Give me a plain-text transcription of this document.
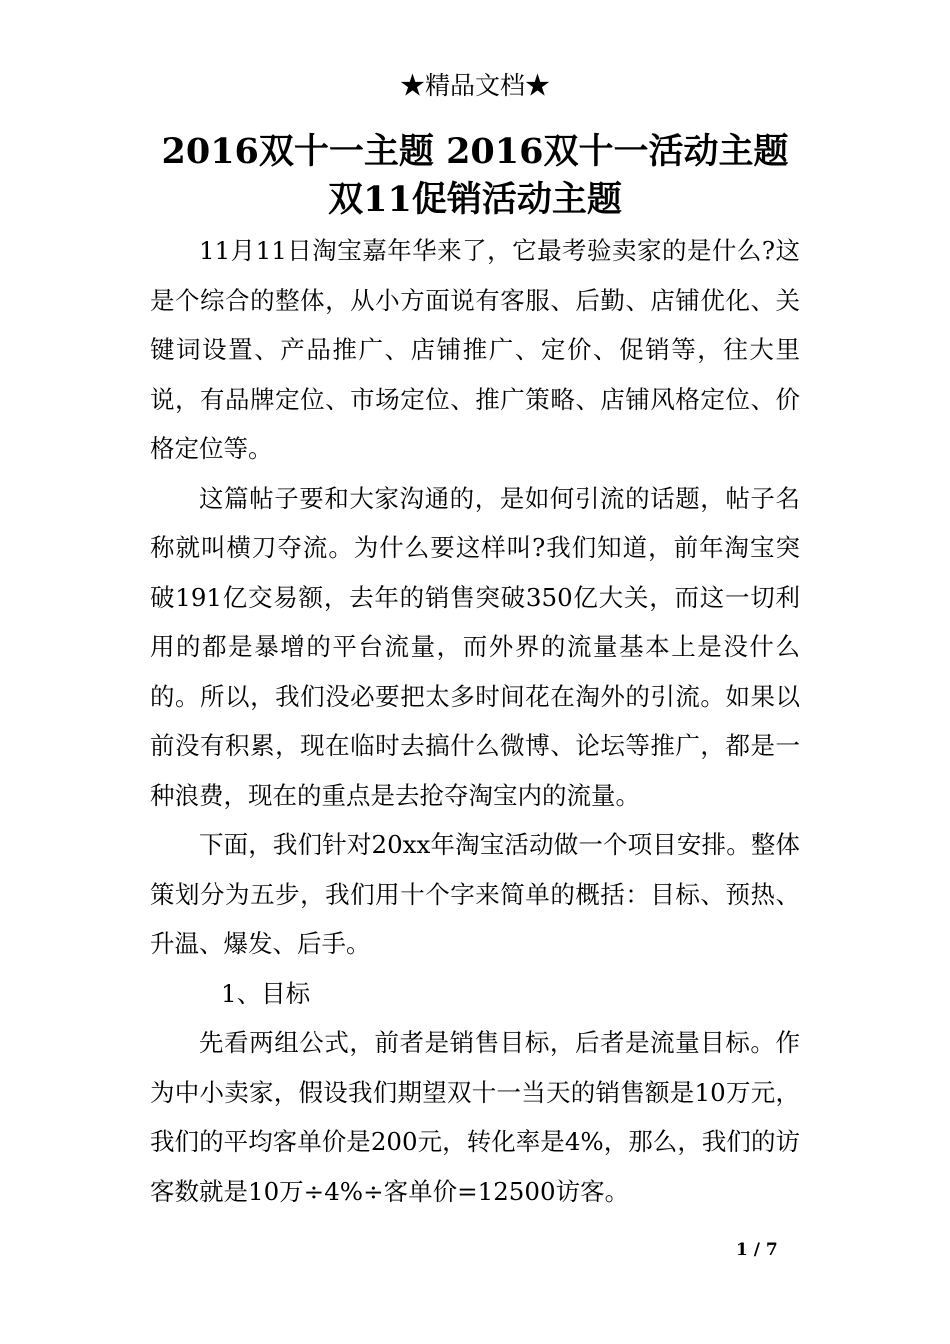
★精品文档★
2016双十一主题 2016双十一活动主题
双11促销活动主题

11月11日淘宝嘉年华来了，它最考验卖家的是什么?这是个综合的整体，从小方面说有客服、后勤、店铺优化、关键词设置、产品推广、店铺推广、定价、促销等，往大里说，有品牌定位、市场定位、推广策略、店铺风格定位、价格定位等。

这篇帖子要和大家沟通的，是如何引流的话题，帖子名称就叫横刀夺流。为什么要这样叫?我们知道，前年淘宝突破191亿交易额，去年的销售突破350亿大关，而这一切利用的都是暴增的平台流量，而外界的流量基本上是没什么的。所以，我们没必要把太多时间花在淘外的引流。如果以前没有积累，现在临时去搞什么微博、论坛等推广，都是一种浪费，现在的重点是去抢夺淘宝内的流量。

下面，我们针对20xx年淘宝活动做一个项目安排。整体策划分为五步，我们用十个字来简单的概括：目标、预热、升温、爆发、后手。

1、目标

先看两组公式，前者是销售目标，后者是流量目标。作为中小卖家，假设我们期望双十一当天的销售额是10万元，我们的平均客单价是200元，转化率是4%，那么，我们的访客数就是10万÷4%÷客单价=12500访客。

1 / 7
